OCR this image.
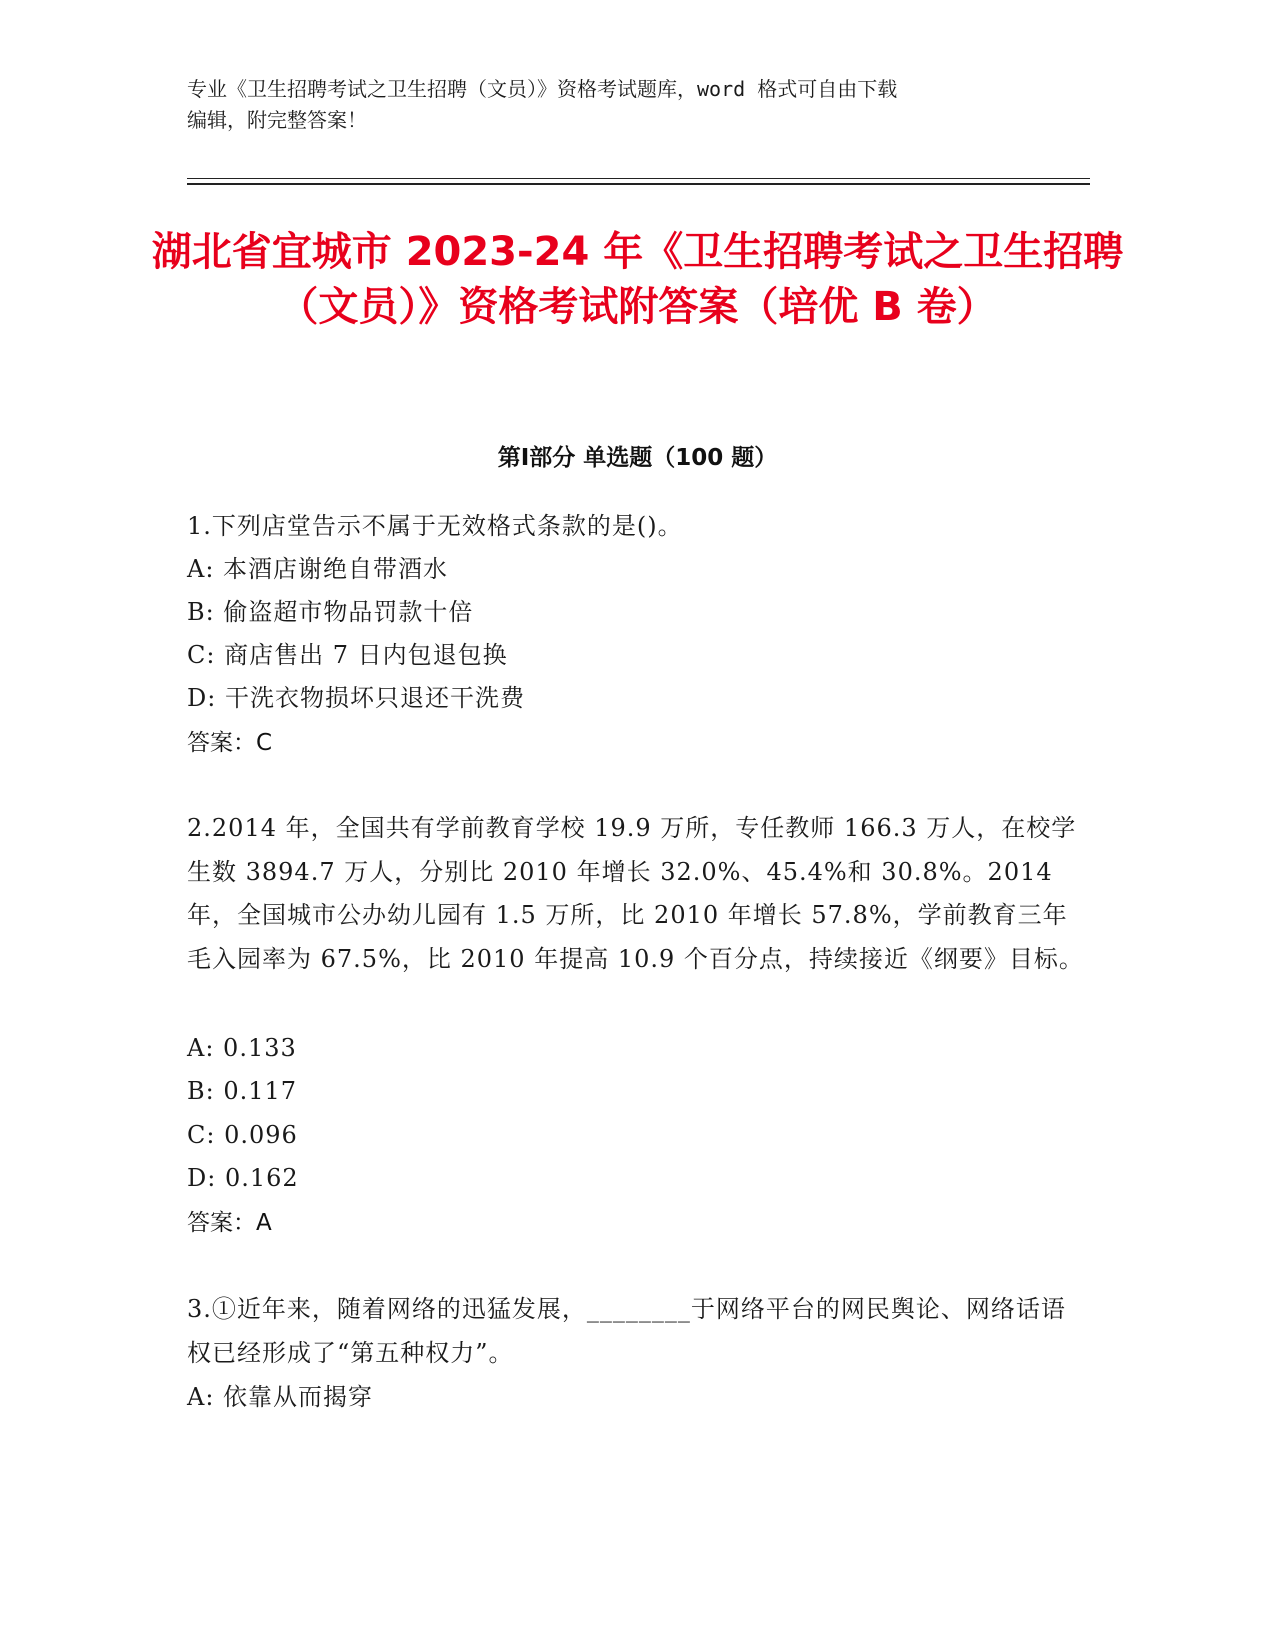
专业《卫生招聘考试之卫生招聘（文员）》资格考试题库，word 格式可自由下载
编辑，附完整答案！
湖北省宜城市 2023-24 年《卫生招聘考试之卫生招聘（文员）》资格考试附答案（培优 B 卷）
第Ⅰ部分 单选题（100 题）
1.下列店堂告示不属于无效格式条款的是()。
A: 本酒店谢绝自带酒水
B: 偷盗超市物品罚款十倍
C: 商店售出 7 日内包退包换
D: 干洗衣物损坏只退还干洗费
答案：C
2.2014 年，全国共有学前教育学校 19.9 万所，专任教师 166.3 万人，在校学生数 3894.7 万人，分别比 2010 年增长 32.0%、45.4%和 30.8%。2014 年，全国城市公办幼儿园有 1.5 万所，比 2010 年增长 57.8%，学前教育三年毛入园率为 67.5%，比 2010 年提高 10.9 个百分点，持续接近《纲要》目标。
A: 0.133
B: 0.117
C: 0.096
D: 0.162
答案：A
3.①近年来，随着网络的迅猛发展，________于网络平台的网民舆论、网络话语权已经形成了“第五种权力”。
A: 依靠从而揭穿
